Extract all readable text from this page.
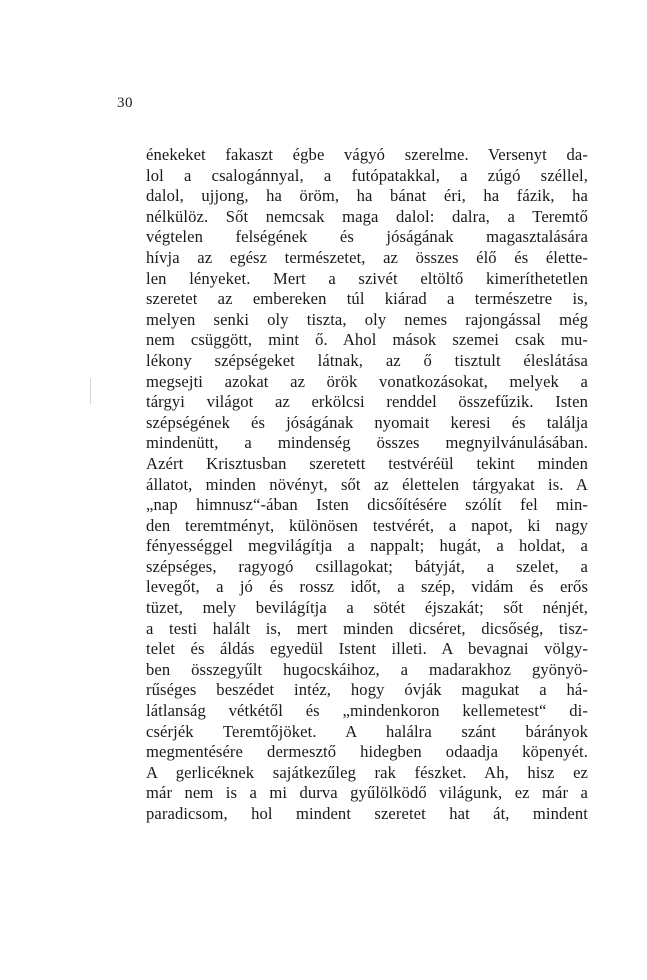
30
énekeket fakaszt égbe vágyó szerelme. Versenyt da-
lol a csalogánnyal, a futópatakkal, a zúgó széllel,
dalol, ujjong, ha öröm, ha bánat éri, ha fázik, ha
nélkülöz. Sőt nemcsak maga dalol: dalra, a Teremtő
végtelen felségének és jóságának magasztalására
hívja az egész természetet, az összes élő és élette-
len lényeket. Mert a szivét eltöltő kimeríthetetlen
szeretet az embereken túl kiárad a természetre is,
melyen senki oly tiszta, oly nemes rajongással még
nem csüggött, mint ő. Ahol mások szemei csak mu-
lékony szépségeket látnak, az ő tisztult éleslátása
megsejti azokat az örök vonatkozásokat, melyek a
tárgyi világot az erkölcsi renddel összefűzik. Isten
szépségének és jóságának nyomait keresi és találja
mindenütt, a mindenség összes megnyilvánulásában.
Azért Krisztusban szeretett testvéréül tekint minden
állatot, minden növényt, sőt az élettelen tárgyakat is. A
„nap himnusz“-ában Isten dicsőítésére szólít fel min-
den teremtményt, különösen testvérét, a napot, ki nagy
fényességgel megvilágítja a nappalt; hugát, a holdat, a
szépséges, ragyogó csillagokat; bátyját, a szelet, a
levegőt, a jó és rossz időt, a szép, vidám és erős
tüzet, mely bevilágítja a sötét éjszakát; sőt nénjét,
a testi halált is, mert minden dicséret, dicsőség, tisz-
telet és áldás egyedül Istent illeti. A bevagnai völgy-
ben összegyűlt hugocskáihoz, a madarakhoz gyönyö-
rűséges beszédet intéz, hogy óvják magukat a há-
látlanság vétkétől és „mindenkoron kellemetest“ di-
csérjék Teremtőjöket. A halálra szánt bárányok
megmentésére dermesztő hidegben odaadja köpenyét.
A gerlicéknek sajátkezűleg rak fészket. Ah, hisz ez
már nem is a mi durva gyűlölködő világunk, ez már a
paradicsom, hol mindent szeretet hat át, mindent
